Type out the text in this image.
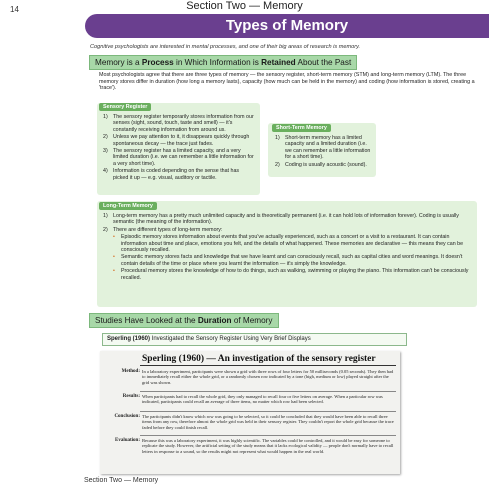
14	Section Two — Memory
Types of Memory
Cognitive psychologists are interested in mental processes, and one of their big areas of research is memory.
Memory is a Process in Which Information is Retained About the Past
Most psychologists agree that there are three types of memory — the sensory register, short-term memory (STM) and long-term memory (LTM). The three memory stores differ in duration (how long a memory lasts), capacity (how much can be held in the memory) and coding (how information is stored, creating a 'trace').
Sensory Register
1) The sensory register temporarily stores information from our senses (sight, sound, touch, taste and smell) — it's constantly receiving information from around us.
2) Unless we pay attention to it, it disappears quickly through spontaneous decay — the trace just fades.
3) The sensory register has a limited capacity, and a very limited duration (i.e. we can remember a little information for a very short time).
4) Information is coded depending on the sense that has picked it up — e.g. visual, auditory or tactile.
Short-Term Memory
1) Short-term memory has a limited capacity and a limited duration (i.e. we can remember a little information for a short time).
2) Coding is usually acoustic (sound).
Long-Term Memory
1) Long-term memory has a pretty much unlimited capacity and is theoretically permanent (i.e. it can hold lots of information forever). Coding is usually semantic (the meaning of the information).
2) There are different types of long-term memory:
• Episodic memory stores information about events that you've actually experienced, such as a concert or a visit to a restaurant. It can contain information about time and place, emotions you felt, and the details of what happened. These memories are declarative — this means they can be consciously recalled.
• Semantic memory stores facts and knowledge that we have learnt and can consciously recall, such as capital cities and word meanings. It doesn't contain details of the time or place where you learnt the information — it's simply the knowledge.
• Procedural memory stores the knowledge of how to do things, such as walking, swimming or playing the piano. This information can't be consciously recalled.
Studies Have Looked at the Duration of Memory
Sperling (1960) Investigated the Sensory Register Using Very Brief Displays
Sperling (1960) — An investigation of the sensory register
Method: In a laboratory experiment, participants were shown a grid with three rows of four letters for 50 milliseconds (0.05 seconds). They then had to immediately recall either the whole grid, or a randomly chosen row indicated by a tone (high, medium or low) played straight after the grid was shown.
Results: When participants had to recall the whole grid, they only managed to recall four or five letters on average. When a particular row was indicated, participants could recall an average of three items, no matter which row had been selected.
Conclusion: The participants didn't know which row was going to be selected, so it could be concluded that they would have been able to recall three items from any row, therefore almost the whole grid was held in their sensory register. They couldn't report the whole grid because the trace faded before they could finish recall.
Evaluation: Because this was a laboratory experiment, it was highly scientific. The variables could be controlled, and it would be easy for someone to replicate the study. However, the artificial setting of the study means that it lacks ecological validity — people don't normally have to recall letters in response to a sound, so the results might not represent what would happen in the real world.
Section Two — Memory
